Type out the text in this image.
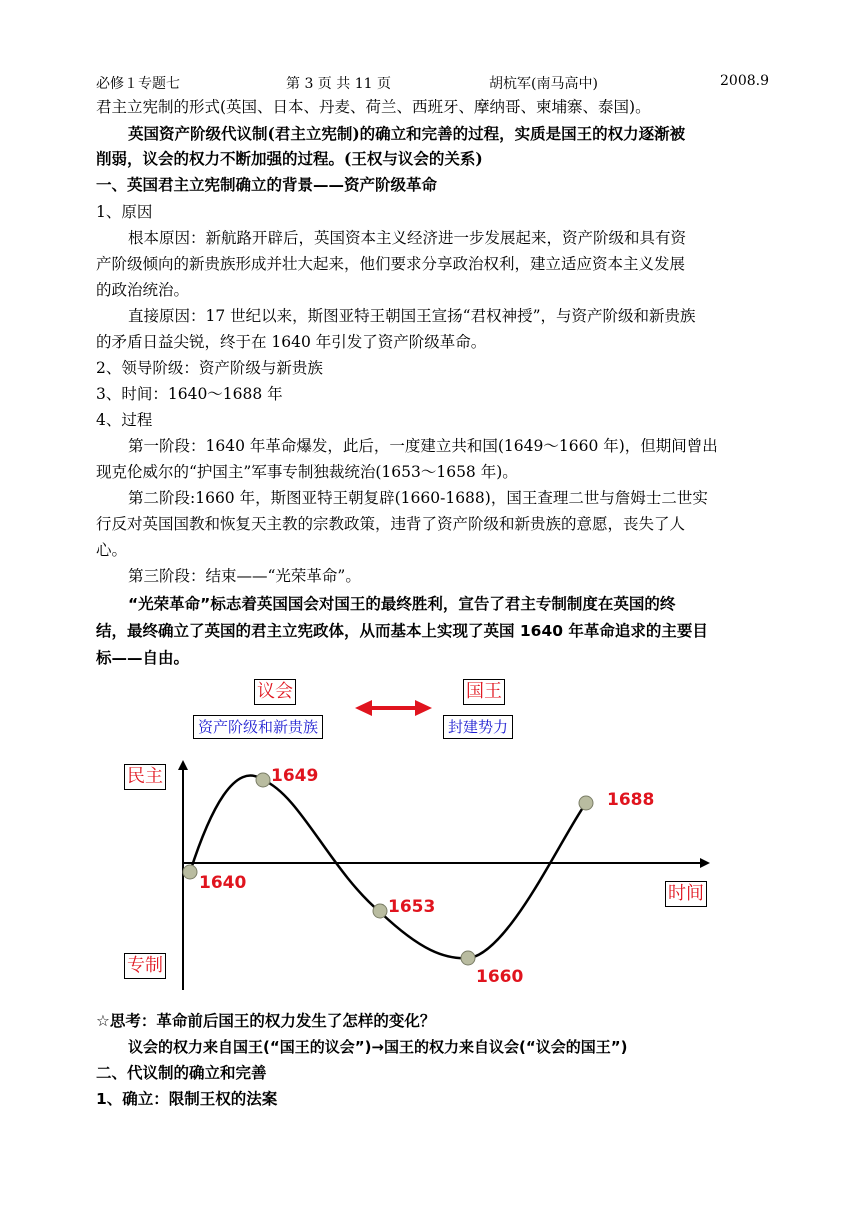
必修１专题七	第 3 页 共 11 页	胡杭军(南马高中)	2008.9
君主立宪制的形式(英国、日本、丹麦、荷兰、西班牙、摩纳哥、柬埔寨、泰国)。
英国资产阶级代议制(君主立宪制)的确立和完善的过程，实质是国王的权力逐渐被
削弱，议会的权力不断加强的过程。(王权与议会的关系)
一、英国君主立宪制确立的背景——资产阶级革命
1、原因
根本原因：新航路开辟后，英国资本主义经济进一步发展起来，资产阶级和具有资
产阶级倾向的新贵族形成并壮大起来，他们要求分享政治权利，建立适应资本主义发展
的政治统治。
直接原因：17 世纪以来，斯图亚特王朝国王宣扬“君权神授”，与资产阶级和新贵族
的矛盾日益尖锐，终于在 1640 年引发了资产阶级革命。
2、领导阶级：资产阶级与新贵族
3、时间：1640～1688 年
4、过程
第一阶段：1640 年革命爆发，此后，一度建立共和国(1649～1660 年)，但期间曾出
现克伦威尔的“护国主”军事专制独裁统治(1653～1658 年)。
第二阶段:1660 年，斯图亚特王朝复辟(1660-1688)，国王查理二世与詹姆士二世实
行反对英国国教和恢复天主教的宗教政策，违背了资产阶级和新贵族的意愿，丧失了人
心。
第三阶段：结束——“光荣革命”。
“光荣革命”标志着英国国会对国王的最终胜利，宣告了君主专制制度在英国的终
结，最终确立了英国的君主立宪政体，从而基本上实现了英国 1640 年革命追求的主要目
标——自由。
议会	国王
资产阶级和新贵族	封建势力
民主
专制
时间
1640
1649
1653
1660
1688
☆思考：革命前后国王的权力发生了怎样的变化？
议会的权力来自国王(“国王的议会”)→国王的权力来自议会(“议会的国王”)
二、代议制的确立和完善
1、确立：限制王权的法案
